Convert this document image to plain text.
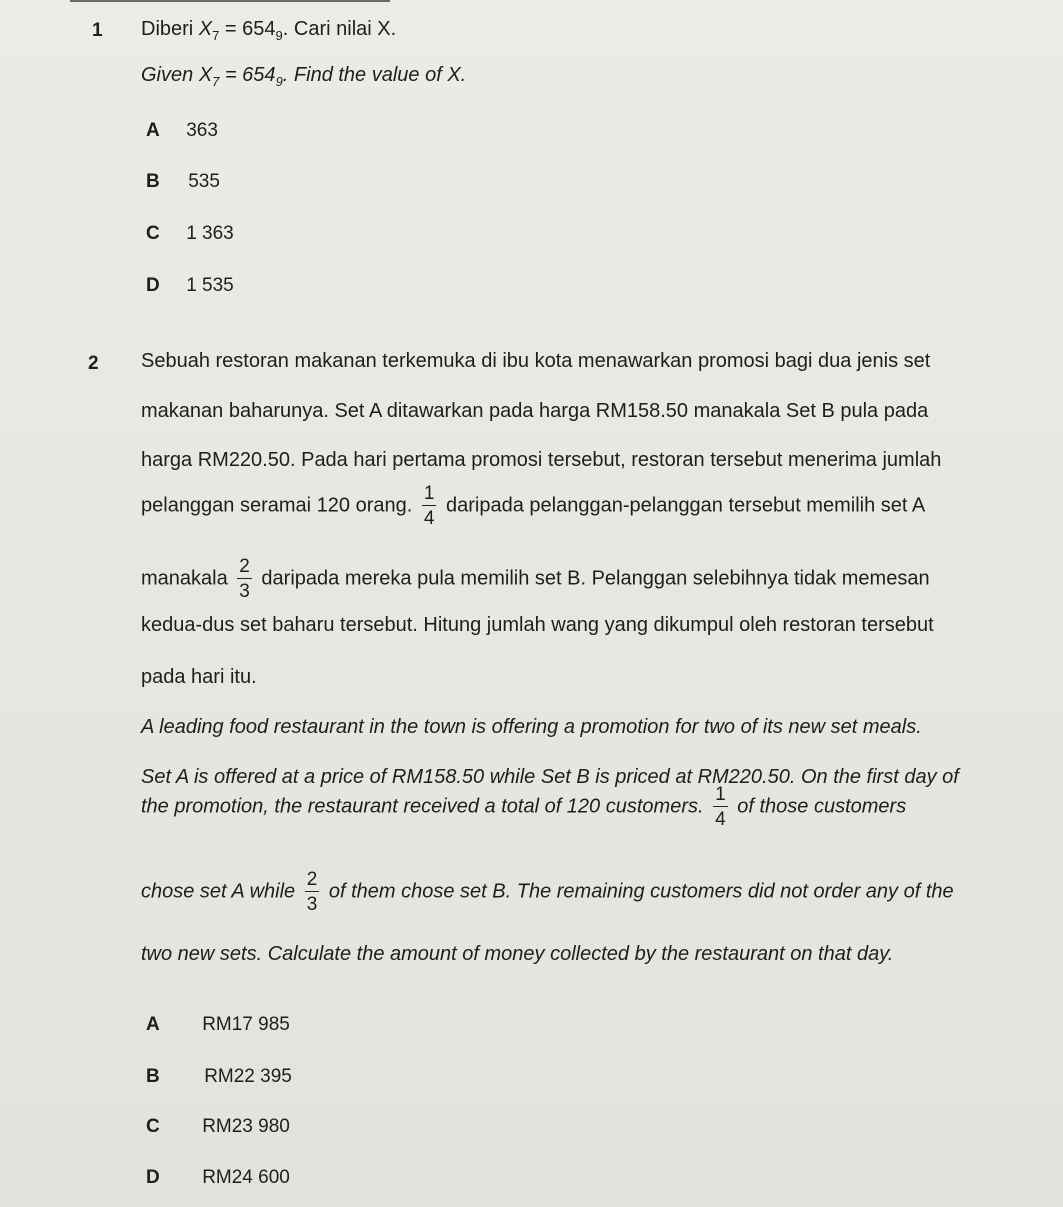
1 Diberi $X_7 = 654_9$. Cari nilai X.
Given $X_7 = 654_9$. Find the value of X.
A 363
B 535
C 1 363
D 1 535
2 Sebuah restoran makanan terkemuka di ibu kota menawarkan promosi bagi dua jenis set
makanan baharunya. Set A ditawarkan pada harga RM158.50 manakala Set B pula pada
harga RM220.50. Pada hari pertama promosi tersebut, restoran tersebut menerima jumlah
pelanggan seramai 120 orang. $\frac{1}{4}$ daripada pelanggan-pelanggan tersebut memilih set A
manakala $\frac{2}{3}$ daripada mereka pula memilih set B. Pelanggan selebihnya tidak memesan
kedua-dus set baharu tersebut. Hitung jumlah wang yang dikumpul oleh restoran tersebut
pada hari itu.
A leading food restaurant in the town is offering a promotion for two of its new set meals.
Set A is offered at a price of RM158.50 while Set B is priced at RM220.50. On the first day of
the promotion, the restaurant received a total of 120 customers. $\frac{1}{4}$ of those customers
chose set A while $\frac{2}{3}$ of them chose set B. The remaining customers did not order any of the
two new sets. Calculate the amount of money collected by the restaurant on that day.
A RM17 985
B RM22 395
C RM23 980
D RM24 600
